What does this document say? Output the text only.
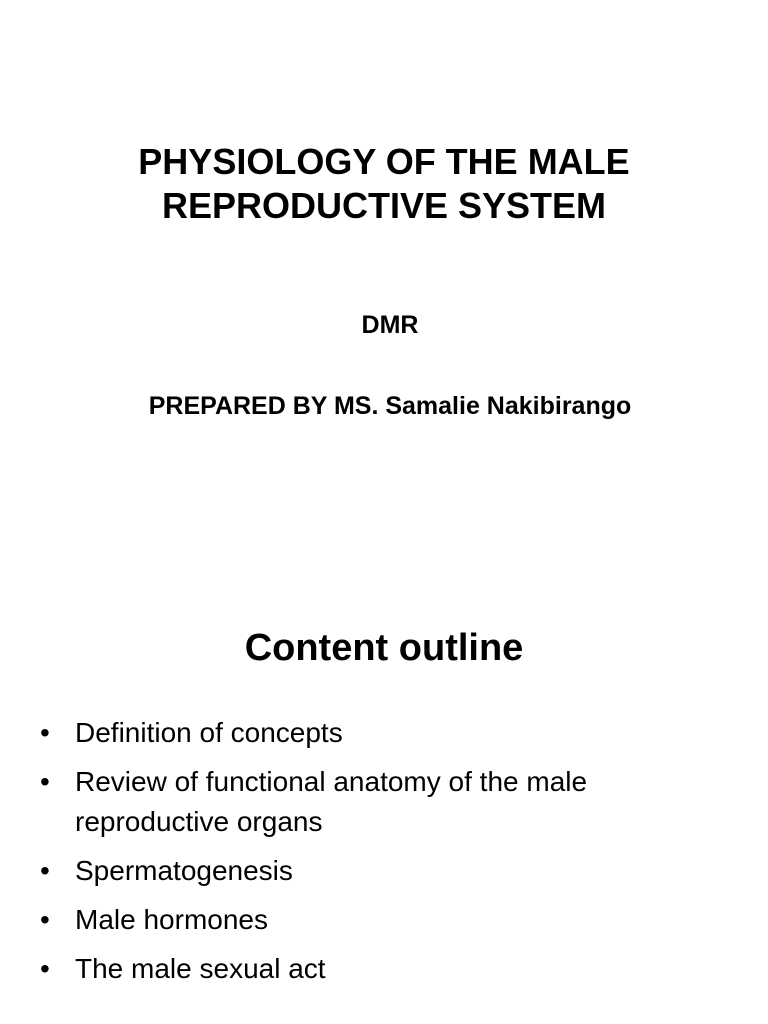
PHYSIOLOGY OF THE MALE
REPRODUCTIVE SYSTEM
DMR
PREPARED BY MS. Samalie Nakibirango
Content outline
• Definition of concepts
• Review of functional anatomy of the male reproductive organs
• Spermatogenesis
• Male hormones
• The male sexual act
